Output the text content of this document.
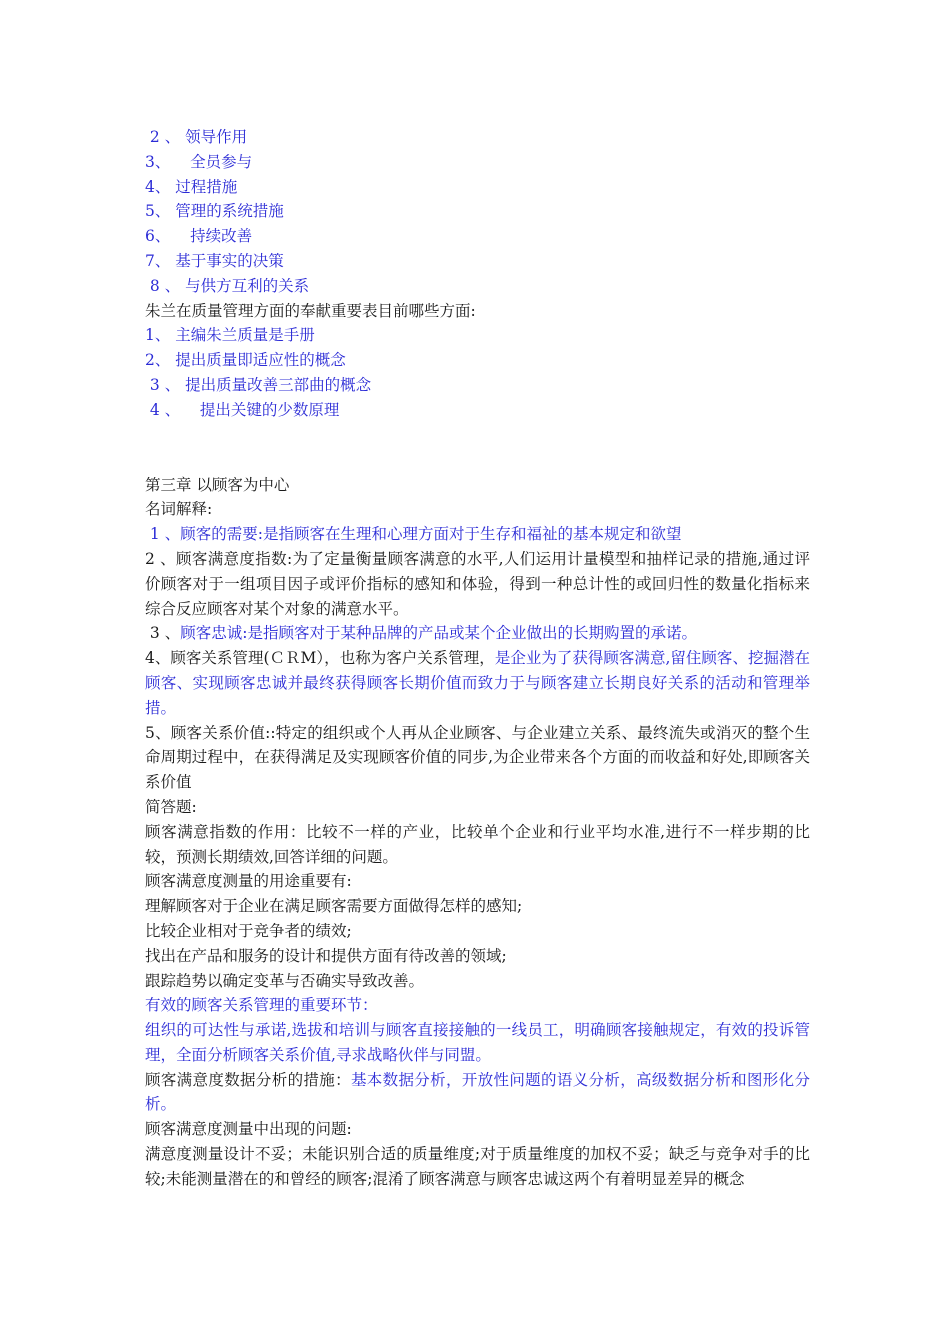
2 、 领导作用
3、    全员参与
4、 过程措施
5、 管理的系统措施
6、    持续改善
7、 基于事实的决策
8 、 与供方互利的关系
朱兰在质量管理方面的奉献重要表目前哪些方面:
1、 主编朱兰质量是手册
2、 提出质量即适应性的概念
3 、 提出质量改善三部曲的概念
4 、    提出关键的少数原理
第三章 以顾客为中心
名词解释:
1 、顾客的需要:是指顾客在生理和心理方面对于生存和福祉的基本规定和欲望
2 、顾客满意度指数:为了定量衡量顾客满意的水平,人们运用计量模型和抽样记录的措施,通过评价顾客对于一组项目因子或评价指标的感知和体验，得到一种总计性的或回归性的数量化指标来综合反应顾客对某个对象的满意水平。
3 、顾客忠诚:是指顾客对于某种品牌的产品或某个企业做出的长期购置的承诺。
4、顾客关系管理(ＣＲM），也称为客户关系管理，是企业为了获得顾客满意,留住顾客、挖掘潜在顾客、实现顾客忠诚并最终获得顾客长期价值而致力于与顾客建立长期良好关系的活动和管理举措。
5、顾客关系价值::特定的组织或个人再从企业顾客、与企业建立关系、最终流失或消灭的整个生命周期过程中，在获得满足及实现顾客价值的同步,为企业带来各个方面的而收益和好处,即顾客关系价值
简答题:
顾客满意指数的作用：比较不一样的产业，比较单个企业和行业平均水准,进行不一样步期的比较，预测长期绩效,回答详细的问题。
顾客满意度测量的用途重要有:
理解顾客对于企业在满足顾客需要方面做得怎样的感知;
比较企业相对于竞争者的绩效;
找出在产品和服务的设计和提供方面有待改善的领域;
跟踪趋势以确定变革与否确实导致改善。
有效的顾客关系管理的重要环节：
组织的可达性与承诺,选拔和培训与顾客直接接触的一线员工，明确顾客接触规定，有效的投诉管理，全面分析顾客关系价值,寻求战略伙伴与同盟。
顾客满意度数据分析的措施：基本数据分析，开放性问题的语义分析，高级数据分析和图形化分析。
顾客满意度测量中出现的问题:
满意度测量设计不妥；未能识别合适的质量维度;对于质量维度的加权不妥；缺乏与竞争对手的比较;未能测量潜在的和曾经的顾客;混淆了顾客满意与顾客忠诚这两个有着明显差异的概念
